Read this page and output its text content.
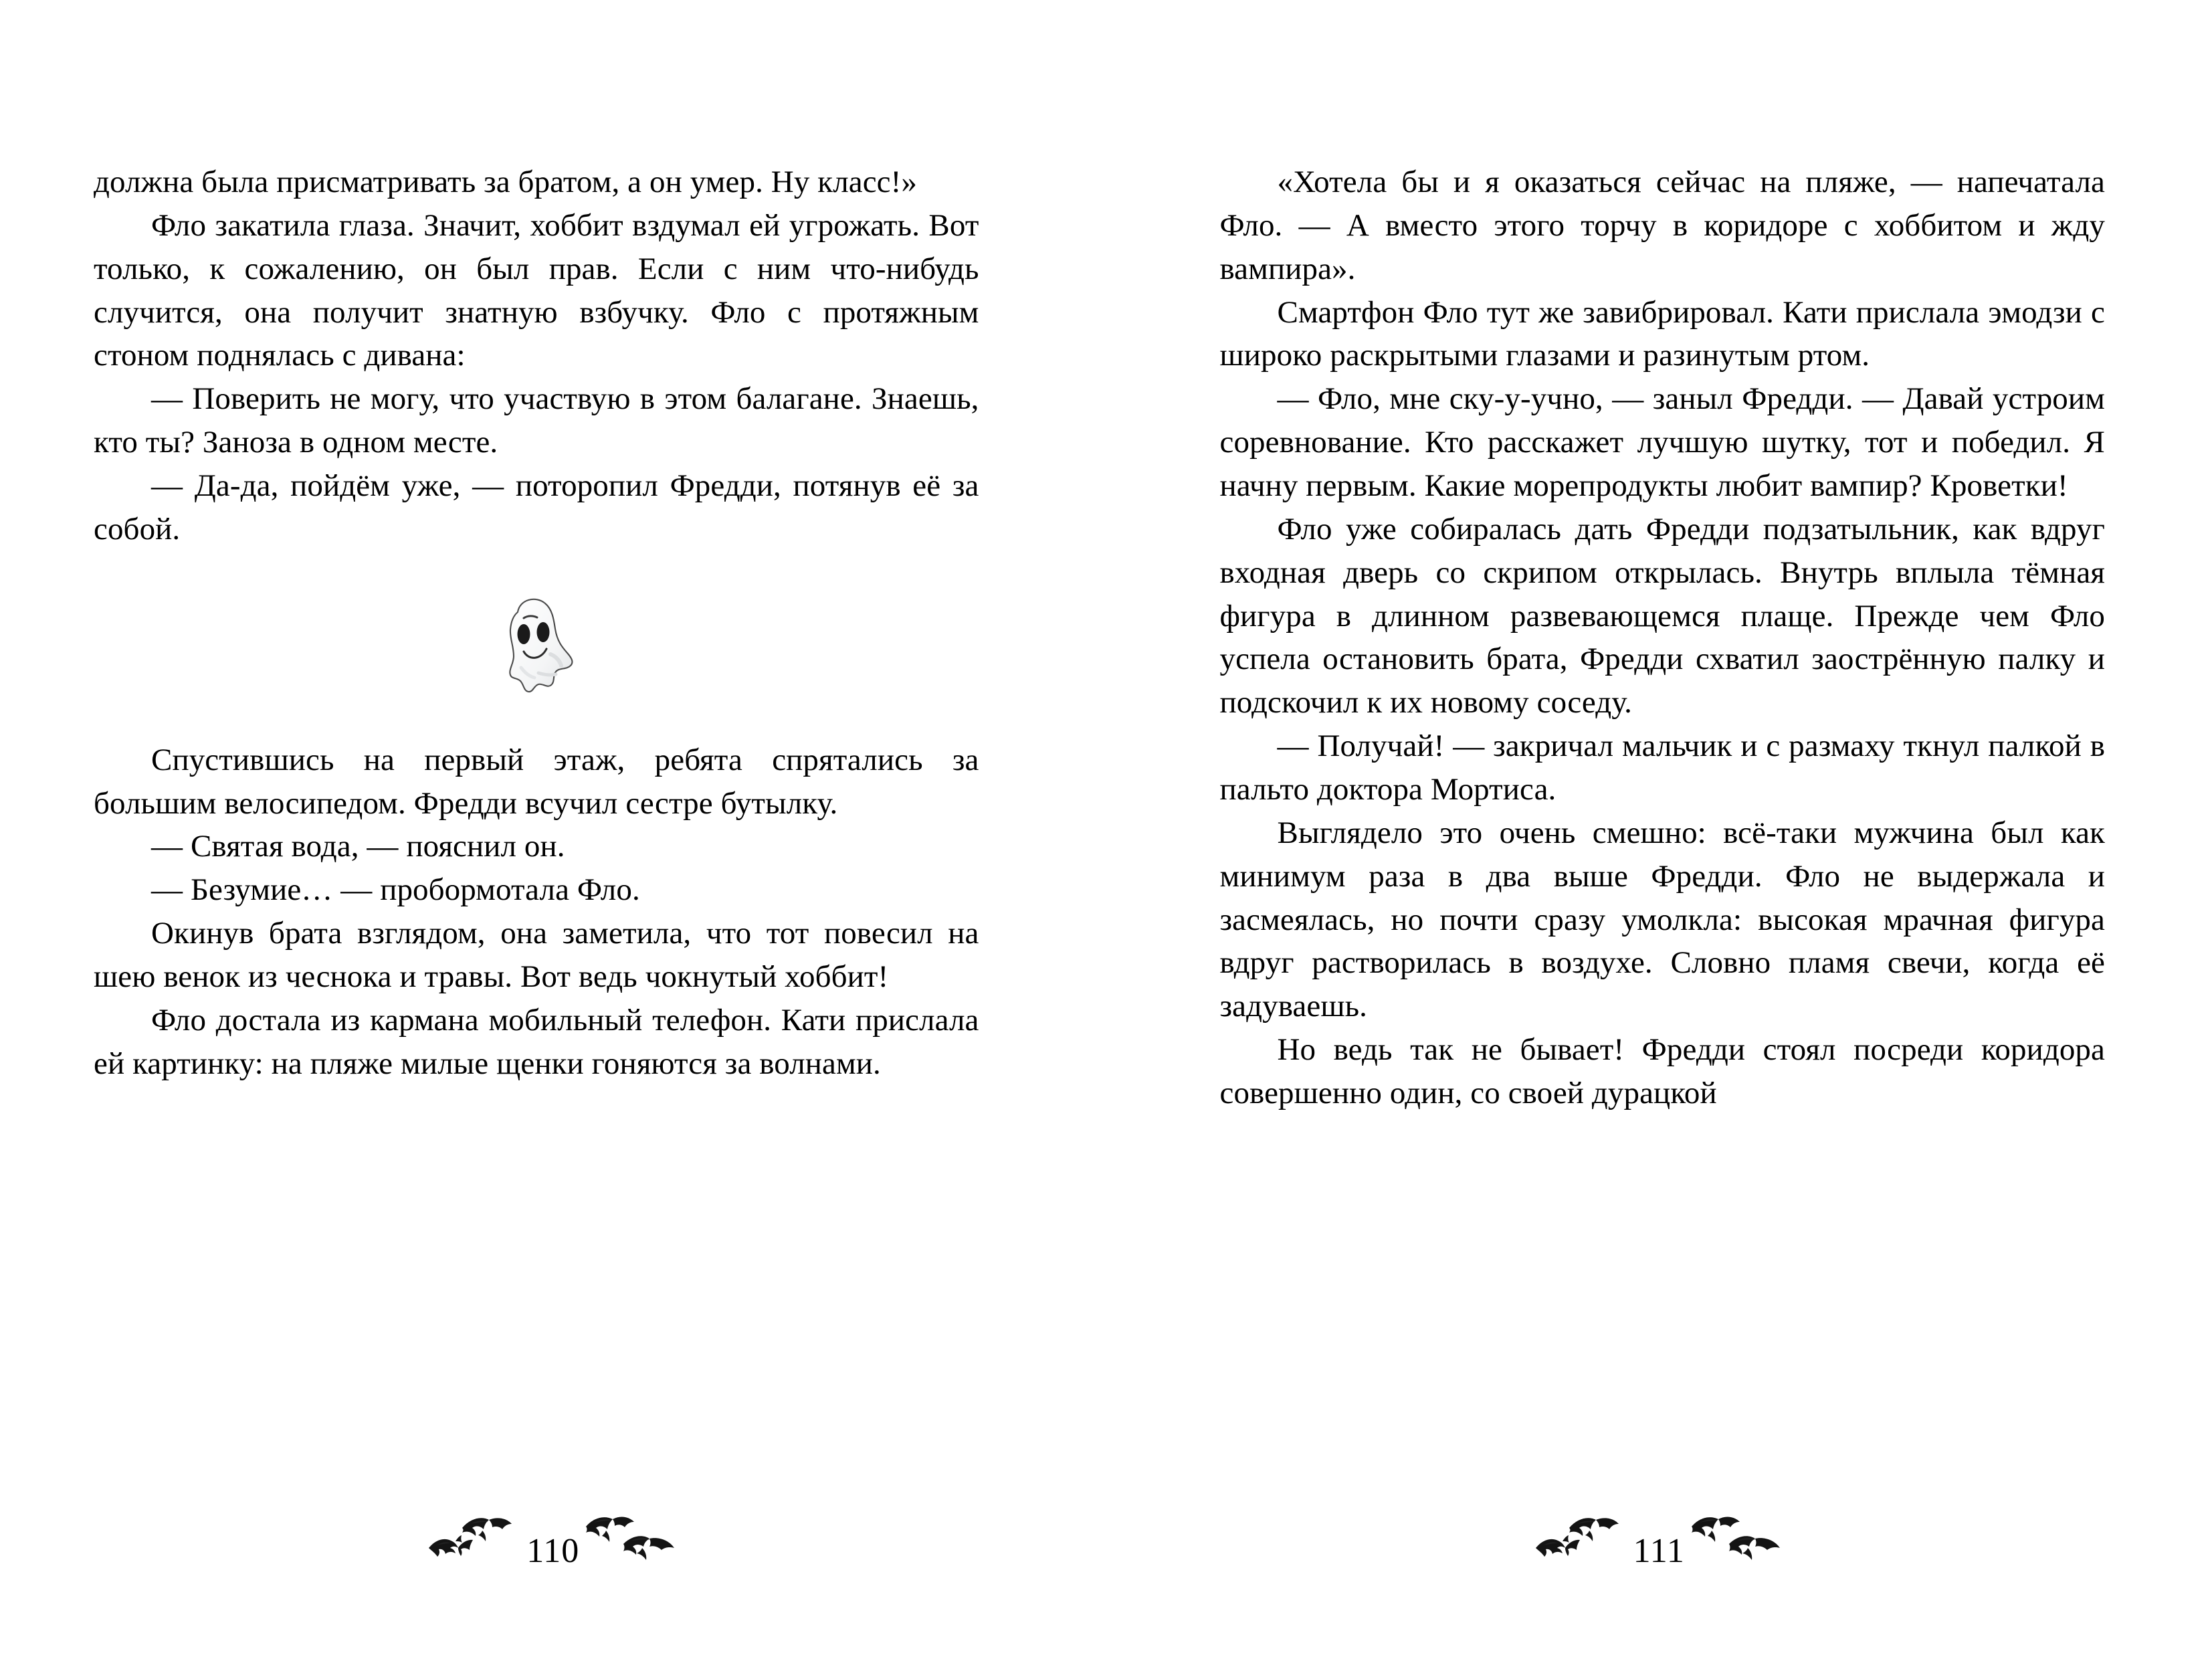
должна была присматривать за братом, а он умер. Ну класс!»

Фло закатила глаза. Значит, хоббит вздумал ей угрожать. Вот только, к сожалению, он был прав. Если с ним что-нибудь случится, она получит знатную взбучку. Фло с протяжным стоном поднялась с дивана:

— Поверить не могу, что участвую в этом балагане. Знаешь, кто ты? Заноза в одном месте.

— Да-да, пойдём уже, — поторопил Фредди, потянув её за собой.

Спустившись на первый этаж, ребята спрятались за большим велосипедом. Фредди всучил сестре бутылку.

— Святая вода, — пояснил он.

— Безумие… — пробормотала Фло.

Окинув брата взглядом, она заметила, что тот повесил на шею венок из чеснока и травы. Вот ведь чокнутый хоббит!

Фло достала из кармана мобильный телефон. Кати прислала ей картинку: на пляже милые щенки гоняются за волнами.

110

«Хотела бы и я оказаться сейчас на пляже, — напечатала Фло. — А вместо этого торчу в коридоре с хоббитом и жду вампира».

Смартфон Фло тут же завибрировал. Кати прислала эмодзи с широко раскрытыми глазами и разинутым ртом.

— Фло, мне ску-у-учно, — заныл Фредди. — Давай устроим соревнование. Кто расскажет лучшую шутку, тот и победил. Я начну первым. Какие морепродукты любит вампир? Кроветки!

Фло уже собиралась дать Фредди подзатыльник, как вдруг входная дверь со скрипом открылась. Внутрь вплыла тёмная фигура в длинном развевающемся плаще. Прежде чем Фло успела остановить брата, Фредди схватил заострённую палку и подскочил к их новому соседу.

— Получай! — закричал мальчик и с размаху ткнул палкой в пальто доктора Мортиса.

Выглядело это очень смешно: всё-таки мужчина был как минимум раза в два выше Фредди. Фло не выдержала и засмеялась, но почти сразу умолкла: высокая мрачная фигура вдруг растворилась в воздухе. Словно пламя свечи, когда её задуваешь.

Но ведь так не бывает! Фредди стоял посреди коридора совершенно один, со своей дурацкой

111
